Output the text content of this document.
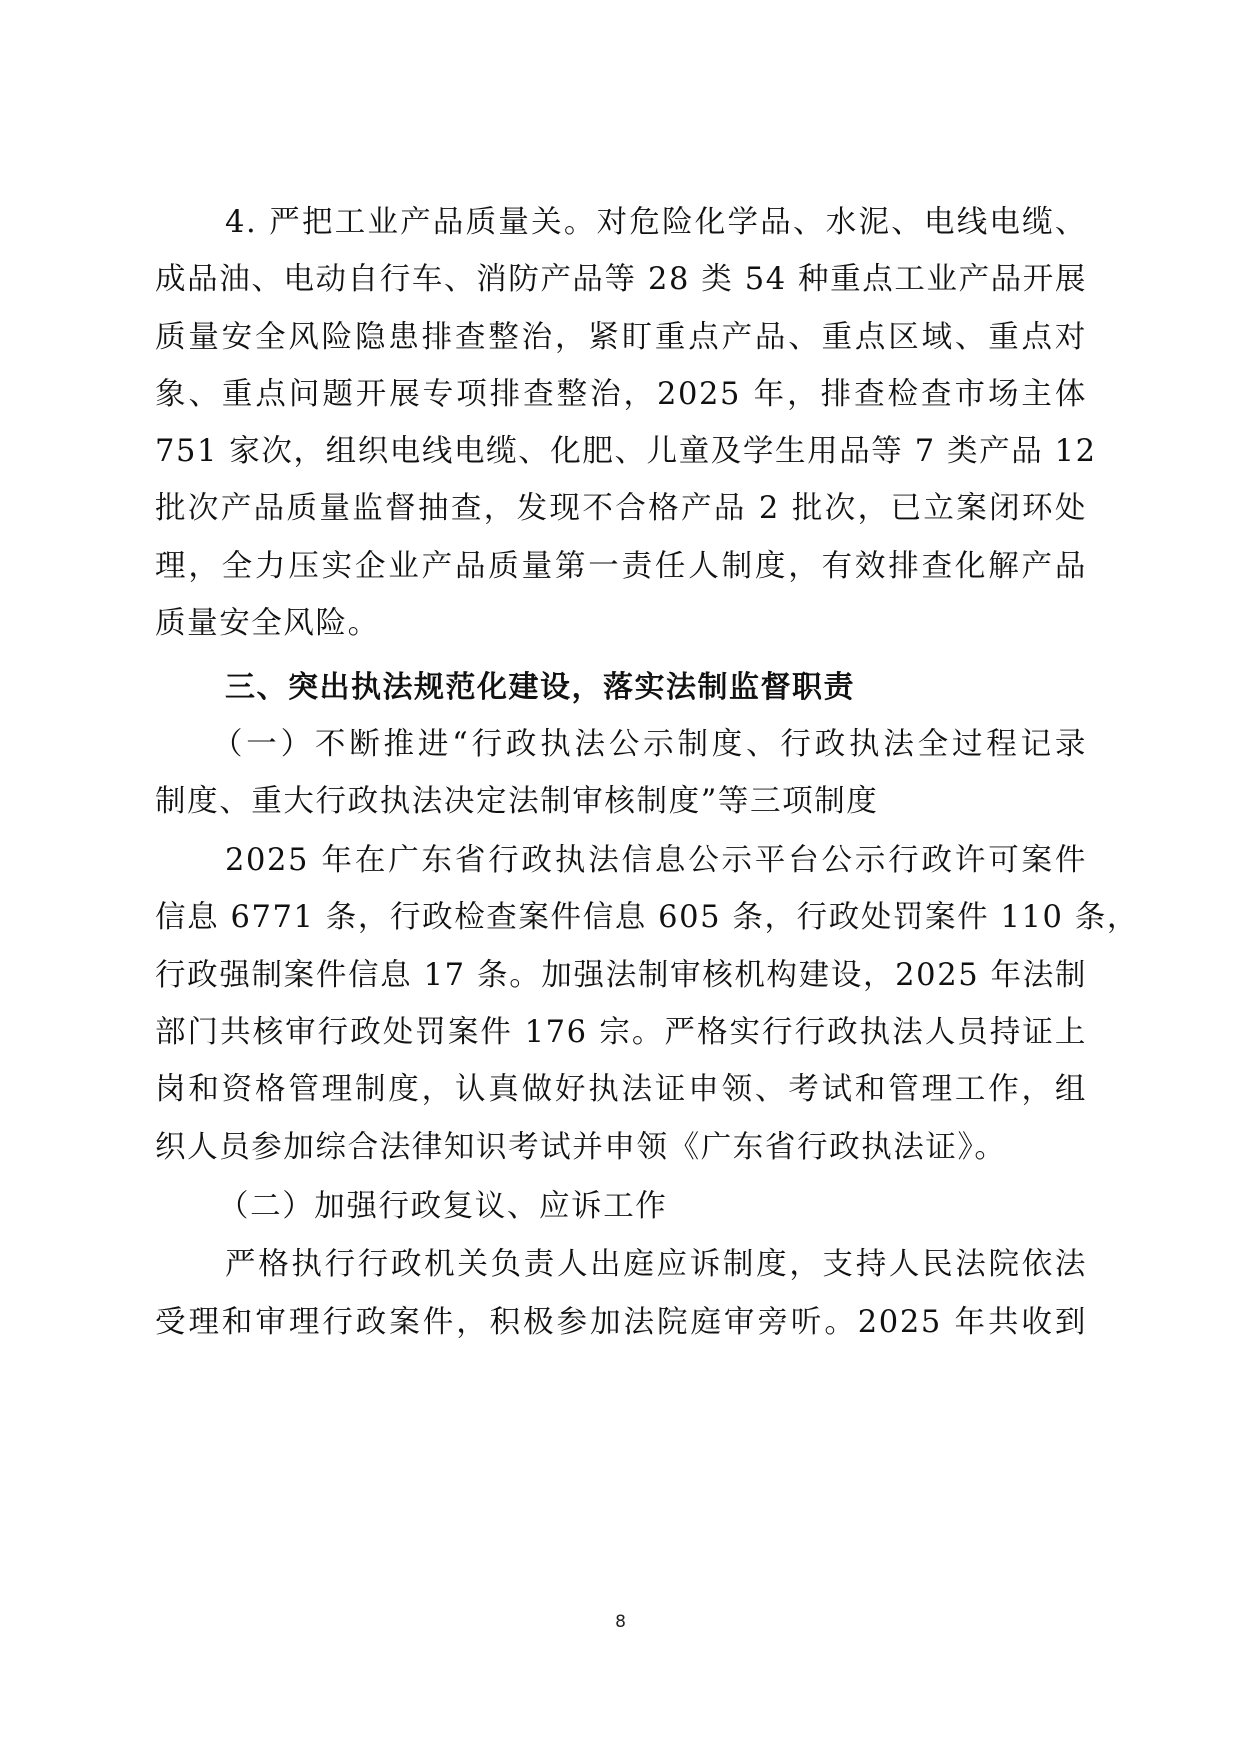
4. 严把工业产品质量关。对危险化学品、水泥、电线电缆、
成品油、电动自行车、消防产品等 28 类 54 种重点工业产品开展
质量安全风险隐患排查整治，紧盯重点产品、重点区域、重点对
象、重点问题开展专项排查整治，2025 年，排查检查市场主体
751 家次，组织电线电缆、化肥、儿童及学生用品等 7 类产品 12
批次产品质量监督抽查，发现不合格产品 2 批次，已立案闭环处
理，全力压实企业产品质量第一责任人制度，有效排查化解产品
质量安全风险。
三、突出执法规范化建设，落实法制监督职责
（一）不断推进“行政执法公示制度、行政执法全过程记录
制度、重大行政执法决定法制审核制度”等三项制度
2025 年在广东省行政执法信息公示平台公示行政许可案件
信息 6771 条，行政检查案件信息 605 条，行政处罚案件 110 条，
行政强制案件信息 17 条。加强法制审核机构建设，2025 年法制
部门共核审行政处罚案件 176 宗。严格实行行政执法人员持证上
岗和资格管理制度，认真做好执法证申领、考试和管理工作，组
织人员参加综合法律知识考试并申领《广东省行政执法证》。
（二）加强行政复议、应诉工作
严格执行行政机关负责人出庭应诉制度，支持人民法院依法
受理和审理行政案件，积极参加法院庭审旁听。2025 年共收到
8
